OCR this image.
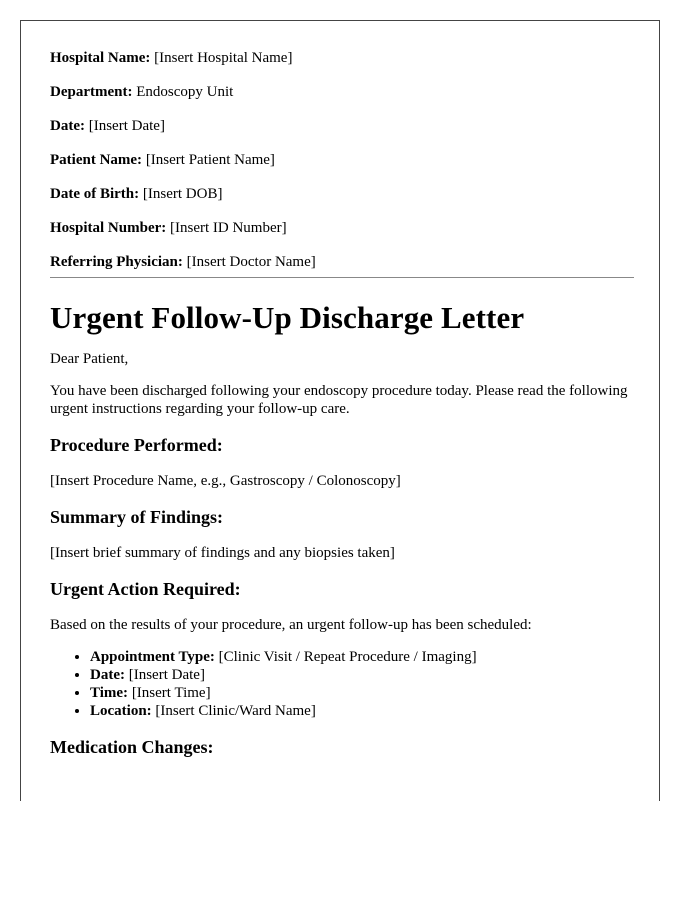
Hospital Name: [Insert Hospital Name]

Department: Endoscopy Unit

Date: [Insert Date]

Patient Name: [Insert Patient Name]

Date of Birth: [Insert DOB]

Hospital Number: [Insert ID Number]

Referring Physician: [Insert Doctor Name]

Urgent Follow-Up Discharge Letter

Dear Patient,

You have been discharged following your endoscopy procedure today. Please read the following urgent instructions regarding your follow-up care.

Procedure Performed:

[Insert Procedure Name, e.g., Gastroscopy / Colonoscopy]

Summary of Findings:

[Insert brief summary of findings and any biopsies taken]

Urgent Action Required:

Based on the results of your procedure, an urgent follow-up has been scheduled:

• Appointment Type: [Clinic Visit / Repeat Procedure / Imaging]
• Date: [Insert Date]
• Time: [Insert Time]
• Location: [Insert Clinic/Ward Name]
Medication Changes:
